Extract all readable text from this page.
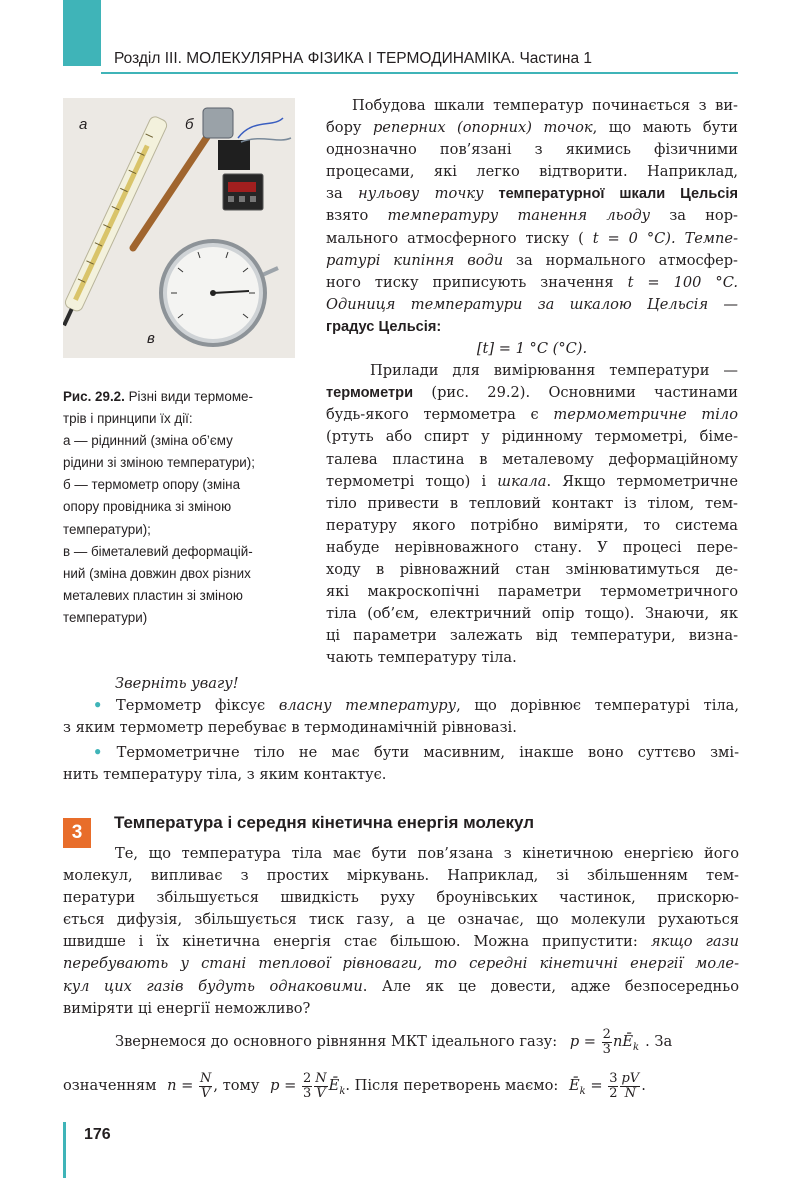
Розділ III. МОЛЕКУЛЯРНА ФІЗИКА І ТЕРМОДИНАМІКА. Частина 1
а	б
в
Рис. 29.2. Різні види термоме-
трів і принципи їх дії:
а — рідинний (зміна об’єму
рідини зі зміною температури);
б — термометр опору (зміна
опору провідника зі зміною
температури);
в — біметалевий деформацій-
ний (зміна довжин двох різних
металевих пластин зі зміною
температури)
Побудова шкали температур починається з ви-
бору реперних (опорних) точок, що мають бути
однозначно пов’язані з якимись фізичними
процесами, які легко відтворити. Наприклад,
за нульову точку температурної шкали Цельсія
взято температуру танення льоду за нор-
мального атмосферного тиску ( t = 0 °C). Темпе-
ратурі кипіння води за нормального атмосфер-
ного тиску приписують значення t = 100 °C.
Одиниця температури за шкалою Цельсія —
градус Цельсія:
[t] = 1 °C (°C).
Прилади для вимірювання температури —
термометри (рис. 29.2). Основними частинами
будь-якого термометра є термометричне тіло
(ртуть або спирт у рідинному термометрі, біме-
талева пластина в металевому деформаційному
термометрі тощо) і шкала. Якщо термометричне
тіло привести в тепловий контакт із тілом, тем-
пературу якого потрібно виміряти, то система
набуде нерівноважного стану. У процесі пере-
ходу в рівноважний стан змінюватимуться де-
які макроскопічні параметри термометричного
тіла (об’єм, електричний опір тощо). Знаючи, як
ці параметри залежать від температури, визна-
чають температуру тіла.
Зверніть увагу!
• Термометр фіксує власну температуру, що дорівнює температурі тіла,
з яким термометр перебуває в термодинамічній рівновазі.
• Термометричне тіло не має бути масивним, інакше воно суттєво змі-
нить температуру тіла, з яким контактує.
3	Температура і середня кінетична енергія молекул
Те, що температура тіла має бути пов’язана з кінетичною енергією його
молекул, випливає з простих міркувань. Наприклад, зі збільшенням тем-
ператури збільшується швидкість руху броунівських частинок, прискорю-
ється дифузія, збільшується тиск газу, а це означає, що молекули рухаються
швидше і їх кінетична енергія стає більшою. Можна припустити: якщо гази
перебувають у стані теплової рівноваги, то середні кінетичні енергії моле-
кул цих газів будуть однаковими. Але як це довести, адже безпосередньо
виміряти ці енергії неможливо?
Звернемося до основного рівняння МКТ ідеального газу: $p = \frac{2}{3}$ $nĒ_k$ . За
означенням $n = \frac{N}{V}$ , тому $p = \frac{2}{3} \frac{N}{V}$ $Ē_k$. Після перетворень маємо: $Ē_k = \frac{3}{2} \frac{pV}{N}$ .
176
